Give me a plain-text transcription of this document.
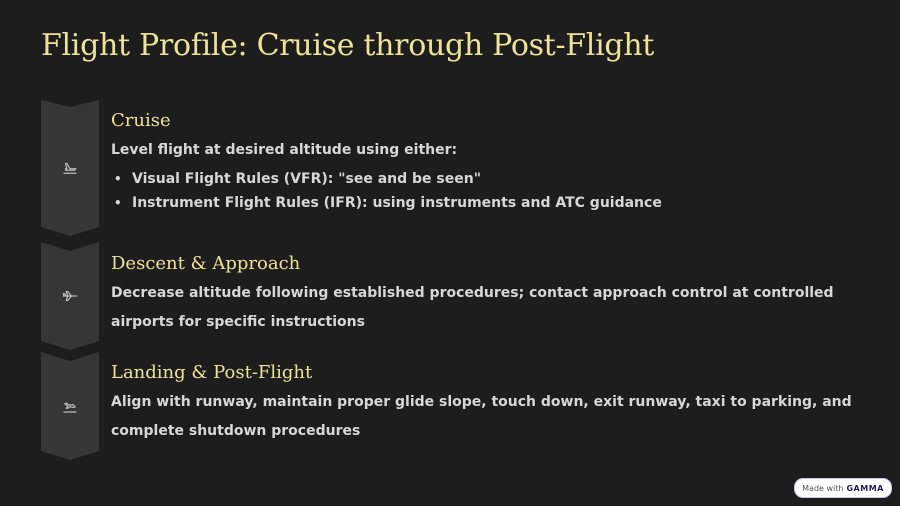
Flight Profile: Cruise through Post-Flight
Cruise
Level flight at desired altitude using either:
• Visual Flight Rules (VFR): "see and be seen"
• Instrument Flight Rules (IFR): using instruments and ATC guidance
Descent & Approach
Decrease altitude following established procedures; contact approach control at controlled airports for specific instructions
Landing & Post-Flight
Align with runway, maintain proper glide slope, touch down, exit runway, taxi to parking, and complete shutdown procedures
Made with GAMMA
